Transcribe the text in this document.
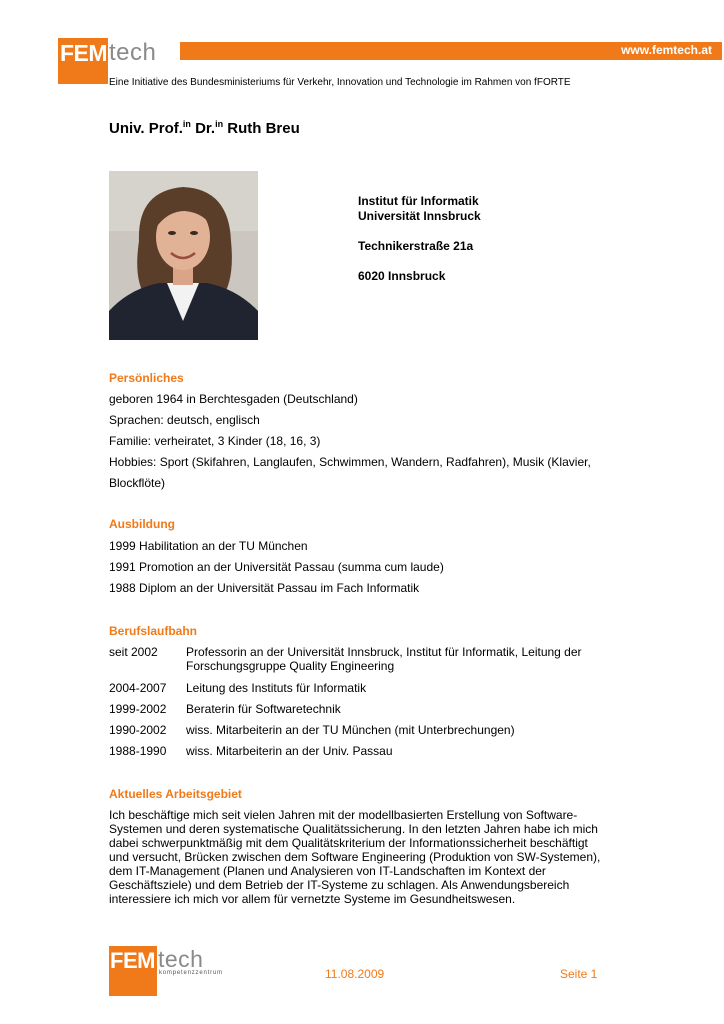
FEM tech	www.femtech.at
Eine Initiative des Bundesministeriums für Verkehr, Innovation und Technologie im Rahmen von fFORTE
Univ. Prof.$^{in}$ Dr.$^{in}$ Ruth Breu
Institut für Informatik
Universität Innsbruck
Technikerstraße 21a
6020 Innsbruck
Persönliches
geboren 1964 in Berchtesgaden (Deutschland)
Sprachen: deutsch, englisch
Familie: verheiratet, 3 Kinder (18, 16, 3)
Hobbies: Sport (Skifahren, Langlaufen, Schwimmen, Wandern, Radfahren), Musik (Klavier,
Blockflöte)
Ausbildung
1999 Habilitation an der TU München
1991 Promotion an der Universität Passau (summa cum laude)
1988 Diplom an der Universität Passau im Fach Informatik
Berufslaufbahn
seit 2002	Professorin an der Universität Innsbruck, Institut für Informatik, Leitung der Forschungsgruppe Quality Engineering
2004-2007	Leitung des Instituts für Informatik
1999-2002	Beraterin für Softwaretechnik
1990-2002	wiss. Mitarbeiterin an der TU München (mit Unterbrechungen)
1988-1990	wiss. Mitarbeiterin an der Univ. Passau
Aktuelles Arbeitsgebiet
Ich beschäftige mich seit vielen Jahren mit der modellbasierten Erstellung von Software-Systemen und deren systematische Qualitätssicherung. In den letzten Jahren habe ich mich dabei schwerpunktmäßig mit dem Qualitätskriterium der Informationssicherheit beschäftigt und versucht, Brücken zwischen dem Software Engineering (Produktion von SW-Systemen), dem IT-Management (Planen und Analysieren von IT-Landschaften im Kontext der Geschäftsziele) und dem Betrieb der IT-Systeme zu schlagen. Als Anwendungsbereich interessiere ich mich vor allem für vernetzte Systeme im Gesundheitswesen.
FEM tech
kompetenzzentrum	11.08.2009	Seite 1
